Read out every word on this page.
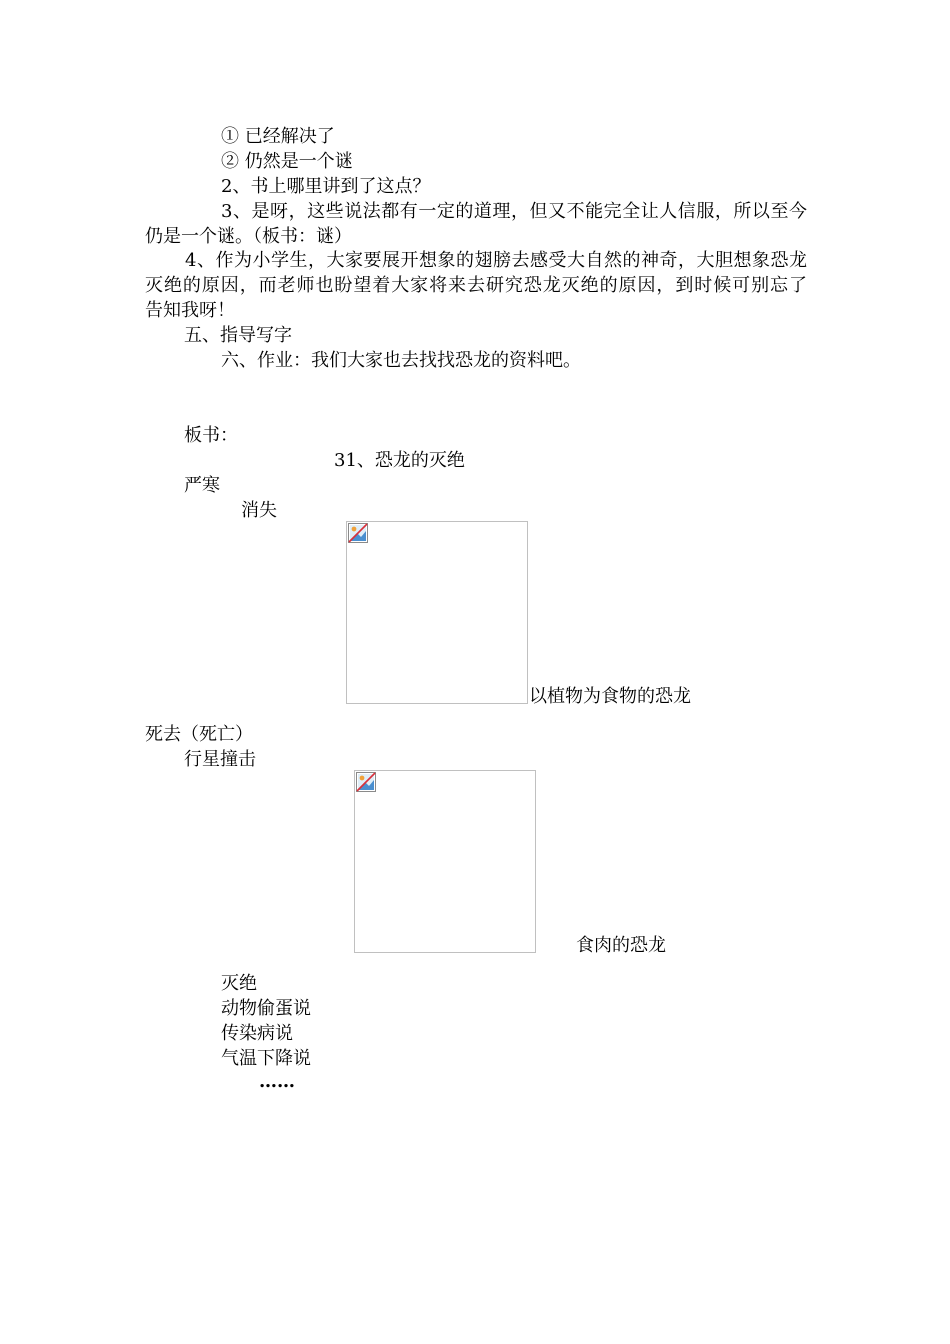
① 已经解决了
② 仍然是一个谜
2、书上哪里讲到了这点？
3、是呀，这些说法都有一定的道理，但又不能完全让人信服，所以至今
仍是一个谜。（板书：谜）
4、作为小学生，大家要展开想象的翅膀去感受大自然的神奇，大胆想象恐龙
灭绝的原因，而老师也盼望着大家将来去研究恐龙灭绝的原因，到时候可别忘了
告知我呀！
五、指导写字
六、作业：我们大家也去找找恐龙的资料吧。
板书：
31、恐龙的灭绝
严寒
消失
以植物为食物的恐龙
死去（死亡）
行星撞击
食肉的恐龙
灭绝
动物偷蛋说
传染病说
气温下降说
……
